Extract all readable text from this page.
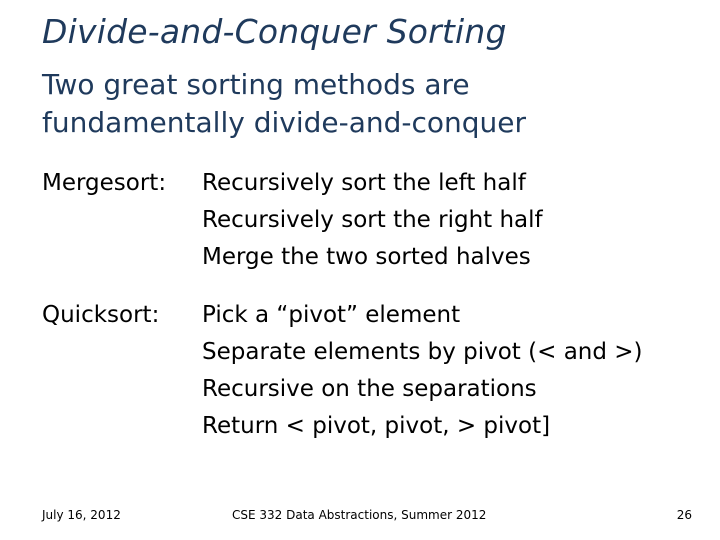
Divide-and-Conquer Sorting
Two great sorting methods are
fundamentally divide-and-conquer
Mergesort: Recursively sort the left half
Recursively sort the right half
Merge the two sorted halves
Quicksort: Pick a “pivot” element
Separate elements by pivot (< and >)
Recursive on the separations
Return < pivot, pivot, > pivot]
July 16, 2012	CSE 332 Data Abstractions, Summer 2012	26
